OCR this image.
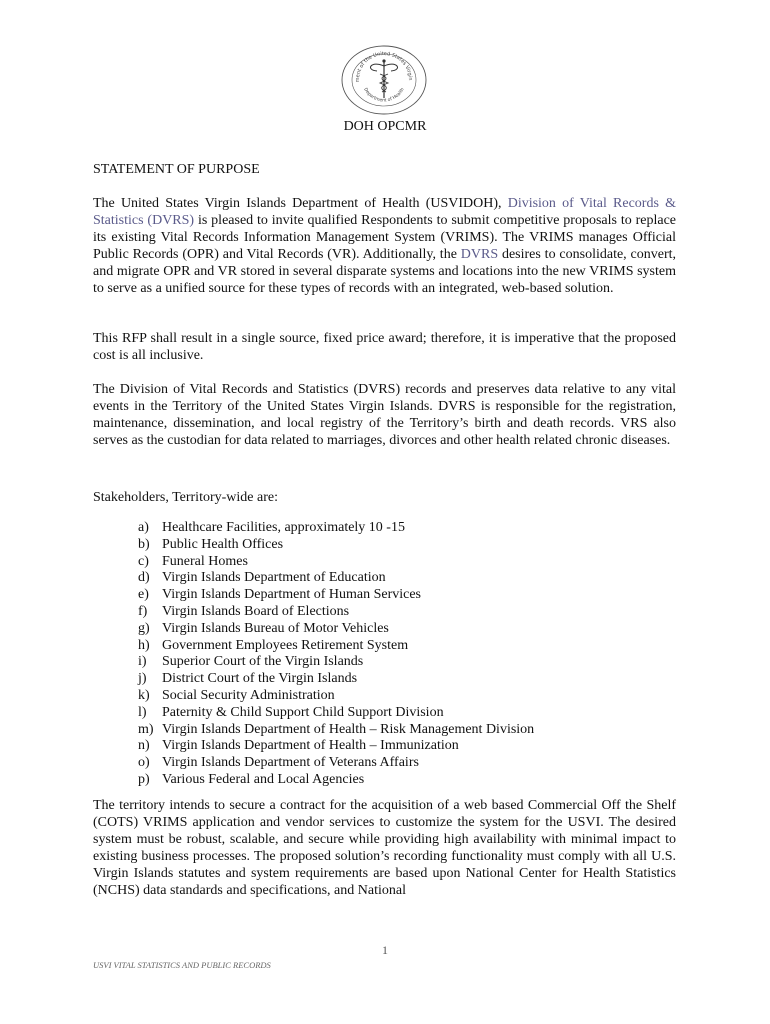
ment of the United States Virgin
Department of Health
DOH OPCMR
STATEMENT OF PURPOSE

The United States Virgin Islands Department of Health (USVIDOH), Division of Vital Records & Statistics (DVRS) is pleased to invite qualified Respondents to submit competitive proposals to replace its existing Vital Records Information Management System (VRIMS). The VRIMS manages Official Public Records (OPR) and Vital Records (VR). Additionally, the DVRS desires to consolidate, convert, and migrate OPR and VR stored in several disparate systems and locations into the new VRIMS system to serve as a unified source for these types of records with an integrated, web-based solution.

This RFP shall result in a single source, fixed price award; therefore, it is imperative that the proposed cost is all inclusive.

The Division of Vital Records and Statistics (DVRS) records and preserves data relative to any vital events in the Territory of the United States Virgin Islands. DVRS is responsible for the registration, maintenance, dissemination, and local registry of the Territory’s birth and death records. VRS also serves as the custodian for data related to marriages, divorces and other health related chronic diseases.

Stakeholders, Territory-wide are:
a) Healthcare Facilities, approximately 10 -15
b) Public Health Offices
c) Funeral Homes
d) Virgin Islands Department of Education
e) Virgin Islands Department of Human Services
f)	Virgin Islands Board of Elections
g) Virgin Islands Bureau of Motor Vehicles
h) Government Employees Retirement System
i)	Superior Court of the Virgin Islands
j)	District Court of the Virgin Islands
k) Social Security Administration
l)	Paternity & Child Support Child Support Division
m) Virgin Islands Department of Health – Risk Management Division
n) Virgin Islands Department of Health – Immunization
o) Virgin Islands Department of Veterans Affairs
p) Various Federal and Local Agencies

The territory intends to secure a contract for the acquisition of a web based Commercial Off the Shelf (COTS) VRIMS application and vendor services to customize the system for the USVI. The desired system must be robust, scalable, and secure while providing high availability with minimal impact to existing business processes. The proposed solution’s recording functionality must comply with all U.S. Virgin Islands statutes and system requirements are based upon National Center for Health Statistics (NCHS) data standards and specifications, and National

1
USVI VITAL STATISTICS AND PUBLIC RECORDS
